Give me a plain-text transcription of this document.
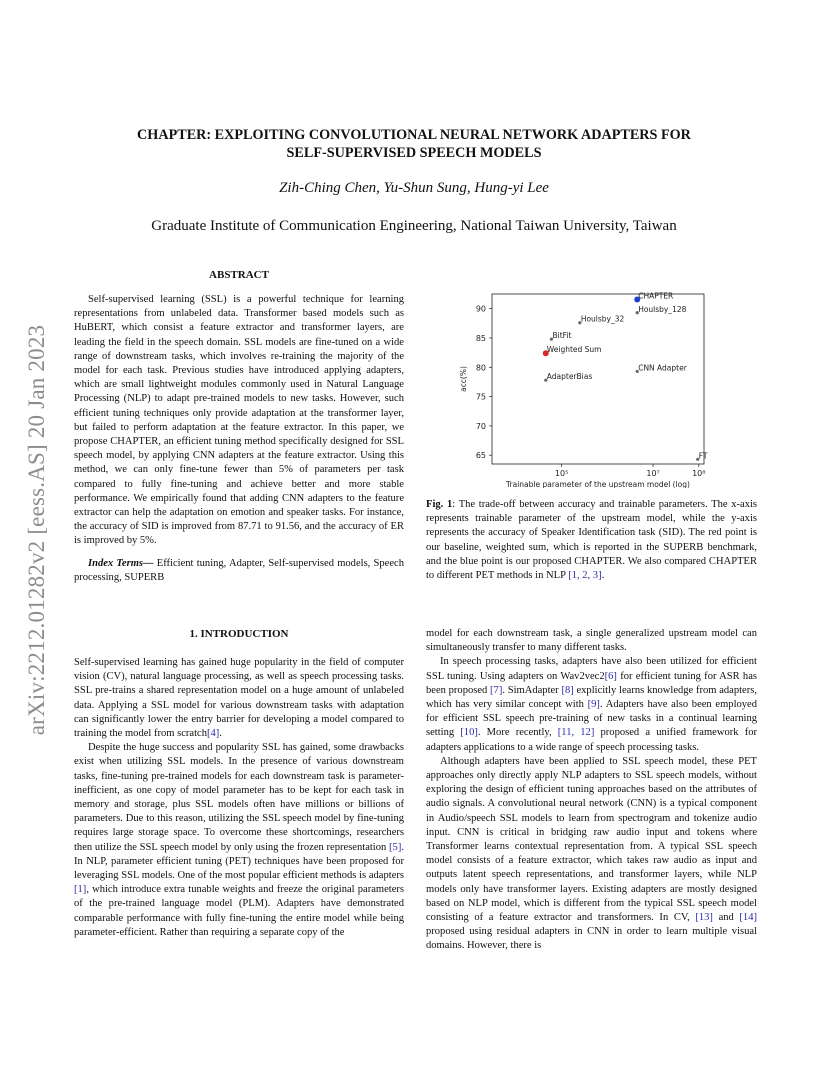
arXiv:2212.01282v2 [eess.AS] 20 Jan 2023
CHAPTER: EXPLOITING CONVOLUTIONAL NEURAL NETWORK ADAPTERS FOR
SELF-SUPERVISED SPEECH MODELS
Zih-Ching Chen, Yu-Shun Sung, Hung-yi Lee
Graduate Institute of Communication Engineering, National Taiwan University, Taiwan
ABSTRACT

Self-supervised learning (SSL) is a powerful technique for learning representations from unlabeled data. Transformer based models such as HuBERT, which consist a feature extractor and transformer layers, are leading the field in the speech domain. SSL models are fine-tuned on a wide range of downstream tasks, which involves re-training the majority of the model for each task. Previous studies have introduced applying adapters, which are small lightweight modules commonly used in Natural Language Processing (NLP) to adapt pre-trained models to new tasks. However, such efficient tuning techniques only provide adaptation at the transformer layer, but failed to perform adaptation at the feature extractor. In this paper, we propose CHAPTER, an efficient tuning method specifically designed for SSL speech model, by applying CNN adapters at the feature extractor. Using this method, we can only fine-tune fewer than 5% of parameters per task compared to fully fine-tuning and achieve better and more stable performance. We empirically found that adding CNN adapters to the feature extractor can help the adaptation on emotion and speaker tasks. For instance, the accuracy of SID is improved from 87.71 to 91.56, and the accuracy of ER is improved by 5%.

Index Terms— Efficient tuning, Adapter, Self-supervised models, Speech processing, SUPERB

1. INTRODUCTION

Self-supervised learning has gained huge popularity in the field of computer vision (CV), natural language processing, as well as speech processing tasks. SSL pre-trains a shared representation model on a huge amount of unlabeled data. Applying a SSL model for various downstream tasks with adaptation can significantly lower the entry barrier for developing a model compared to training the model from scratch[4].

Despite the huge success and popularity SSL has gained, some drawbacks exist when utilizing SSL models. In the presence of various downstream tasks, fine-tuning pre-trained models for each downstream task is parameter-inefficient, as one copy of model parameter has to be kept for each task in memory and storage, plus SSL models often have millions or billions of parameters. Due to this reason, utilizing the SSL speech model by fine-tuning requires large storage space. To overcome these shortcomings, researchers then utilize the SSL speech model by only using the frozen representation [5]. In NLP, parameter efficient tuning (PET) techniques have been proposed for leveraging SSL models. One of the most popular efficient methods is adapters [1], which introduce extra tunable weights and freeze the original parameters of the pre-trained language model (PLM). Adapters have demonstrated comparable performance with fully fine-tuning the entire model while being parameter-efficient. Rather than requiring a separate copy of the

65
70
75
80
85
90
10⁵	10⁷	10⁸
Trainable parameter of the upstream model (log)
acc(%)
CHAPTER
Houlsby_128
Houlsby_32
BitFit
Weighted Sum
CNN Adapter
AdapterBias
FT
Fig. 1: The trade-off between accuracy and trainable parameters. The x-axis represents trainable parameter of the upstream model, while the y-axis represents the accuracy of Speaker Identification task (SID). The red point is our baseline, weighted sum, which is reported in the SUPERB benchmark, and the blue point is our proposed CHAPTER. We also compared CHAPTER to different PET methods in NLP [1, 2, 3].

model for each downstream task, a single generalized upstream model can simultaneously transfer to many different tasks.

In speech processing tasks, adapters have also been utilized for efficient SSL tuning. Using adapters on Wav2vec2[6] for efficient tuning for ASR has been proposed [7]. SimAdapter [8] explicitly learns knowledge from adapters, which has very similar concept with [9]. Adapters have also been employed for efficient SSL speech pre-training of new tasks in a continual learning setting [10]. More recently, [11, 12] proposed a unified framework for adapters applications to a wide range of speech processing tasks.

Although adapters have been applied to SSL speech model, these PET approaches only directly apply NLP adapters to SSL speech models, without exploring the design of efficient tuning approaches based on the attributes of audio signals. A convolutional neural network (CNN) is a typical component in Audio/speech SSL models to learn from spectrogram and tokenize audio input. CNN is critical in bridging raw audio input and tokens where Transformer learns contextual representation from. A typical SSL speech model consists of a feature extractor, which takes raw audio as input and outputs latent speech representations, and transformer layers, while NLP models only have transformer layers. Existing adapters are mostly designed based on NLP model, which is different from the typical SSL speech model consisting of a feature extractor and transformers. In CV, [13] and [14] proposed using residual adapters in CNN in order to learn multiple visual domains. However, there is
